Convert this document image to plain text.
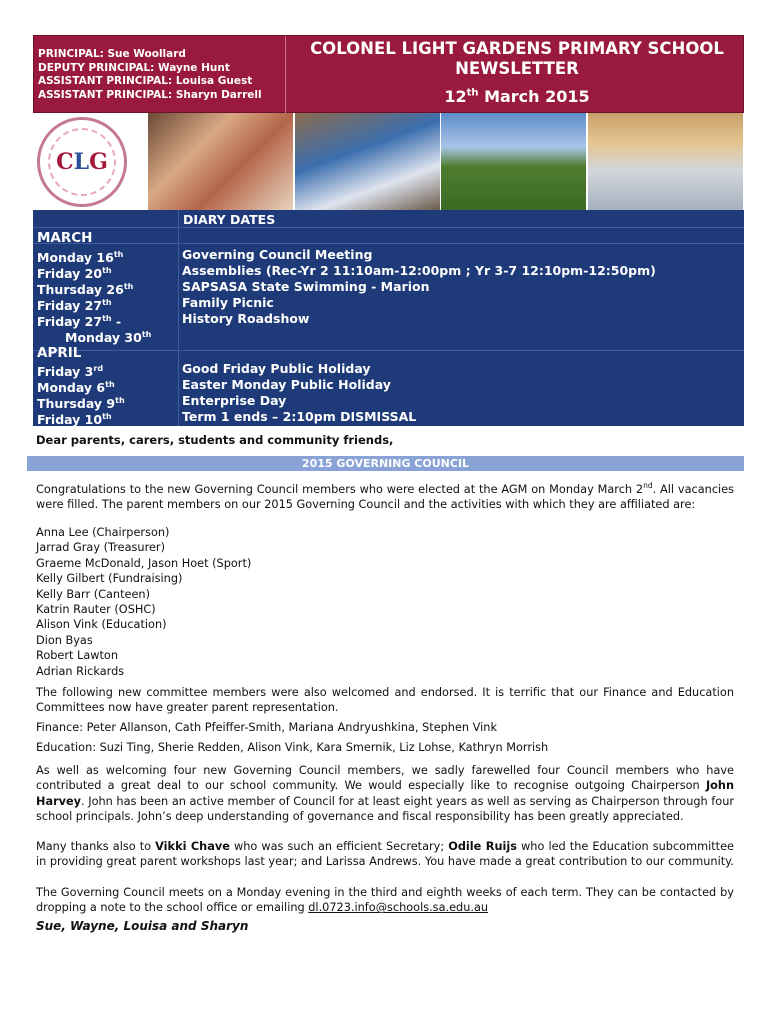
PRINCIPAL: Sue Woollard
DEPUTY PRINCIPAL: Wayne Hunt
ASSISTANT PRINCIPAL: Louisa Guest
ASSISTANT PRINCIPAL: Sharyn Darrell
COLONEL LIGHT GARDENS PRIMARY SCHOOL
NEWSLETTER
12th March 2015
CLG
DIARY DATES
MARCH
Monday 16th	Governing Council Meeting
Friday 20th	Assemblies (Rec-Yr 2 11:10am-12:00pm ; Yr 3-7 12:10pm-12:50pm)
Thursday 26th	SAPSASA State Swimming - Marion
Friday 27th	Family Picnic
Friday 27th -	History Roadshow
Monday 30th
APRIL
Friday 3rd	Good Friday Public Holiday
Monday 6th	Easter Monday Public Holiday
Thursday 9th	Enterprise Day
Friday 10th	Term 1 ends – 2:10pm DISMISSAL
Dear parents, carers, students and community friends,
2015 GOVERNING COUNCIL
Congratulations to the new Governing Council members who were elected at the AGM on Monday March 2nd. All vacancies were filled. The parent members on our 2015 Governing Council and the activities with which they are affiliated are:
Anna Lee (Chairperson)
Jarrad Gray (Treasurer)
Graeme McDonald, Jason Hoet (Sport)
Kelly Gilbert (Fundraising)
Kelly Barr (Canteen)
Katrin Rauter (OSHC)
Alison Vink (Education)
Dion Byas
Robert Lawton
Adrian Rickards
The following new committee members were also welcomed and endorsed. It is terrific that our Finance and Education Committees now have greater parent representation.
Finance: Peter Allanson, Cath Pfeiffer-Smith, Mariana Andryushkina, Stephen Vink
Education: Suzi Ting, Sherie Redden, Alison Vink, Kara Smernik, Liz Lohse, Kathryn Morrish
As well as welcoming four new Governing Council members, we sadly farewelled four Council members who have contributed a great deal to our school community. We would especially like to recognise outgoing Chairperson John Harvey. John has been an active member of Council for at least eight years as well as serving as Chairperson through four school principals. John’s deep understanding of governance and fiscal responsibility has been greatly appreciated.
Many thanks also to Vikki Chave who was such an efficient Secretary; Odile Ruijs who led the Education subcommittee in providing great parent workshops last year; and Larissa Andrews. You have made a great contribution to our community.
The Governing Council meets on a Monday evening in the third and eighth weeks of each term. They can be contacted by dropping a note to the school office or emailing dl.0723.info@schools.sa.edu.au
Sue, Wayne, Louisa and Sharyn
